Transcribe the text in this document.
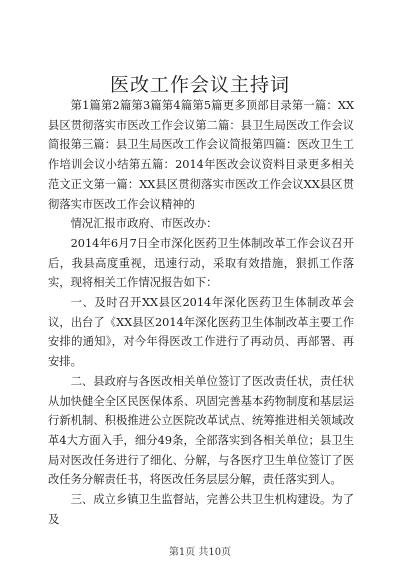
医改工作会议主持词

第1篇第2篇第3篇第4篇第5篇更多顶部目录第一篇：XX县区贯彻落实市医改工作会议第二篇：县卫生局医改工作会议简报第三篇：县卫生局医改工作会议简报第四篇：医改卫生工作培训会议小结第五篇：2014年医改会议资料目录更多相关范文正文第一篇：XX县区贯彻落实市医改工作会议XX县区贯彻落实市医改工作会议精神的

情况汇报市政府、市医改办：

2014年6月7日全市深化医药卫生体制改革工作会议召开后，我县高度重视，迅速行动，采取有效措施，狠抓工作落实，现将相关工作情况报告如下：

一、及时召开XX县区2014年深化医药卫生体制改革会议，出台了《XX县区2014年深化医药卫生体制改革主要工作安排的通知》，对今年得医改工作进行了再动员、再部署、再安排。

二、县政府与各医改相关单位签订了医改责任状，责任状从加快健全全区民医保体系、巩固完善基本药物制度和基层运行新机制、积极推进公立医院改革试点、统筹推进相关领域改革4大方面入手，细分49条，全部落实到各相关单位；县卫生局对医改任务进行了细化、分解，与各医疗卫生单位签订了医改任务分解责任书，将医改任务层层分解，责任落实到人。

三、成立乡镇卫生监督站，完善公共卫生机构建设。为了及

第1页 共10页
